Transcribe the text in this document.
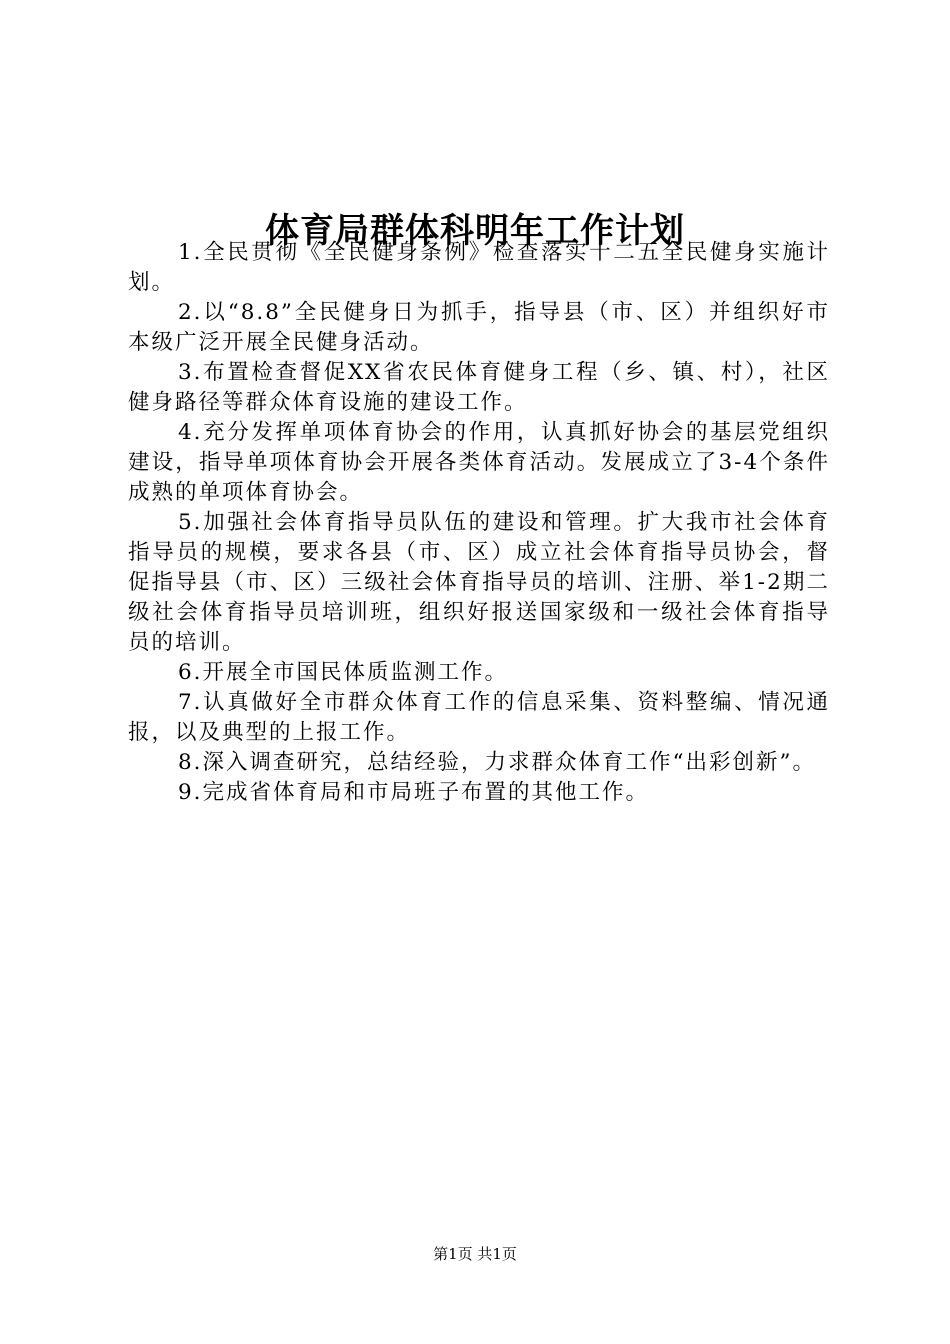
体育局群体科明年工作计划

1.全民贯彻《全民健身条例》检查落实十二五全民健身实施计划。

2.以“8.8”全民健身日为抓手，指导县（市、区）并组织好市本级广泛开展全民健身活动。

3.布置检查督促XX省农民体育健身工程（乡、镇、村），社区健身路径等群众体育设施的建设工作。

4.充分发挥单项体育协会的作用，认真抓好协会的基层党组织建设，指导单项体育协会开展各类体育活动。发展成立了3-4个条件成熟的单项体育协会。

5.加强社会体育指导员队伍的建设和管理。扩大我市社会体育指导员的规模，要求各县（市、区）成立社会体育指导员协会，督促指导县（市、区）三级社会体育指导员的培训、注册、举1-2期二级社会体育指导员培训班，组织好报送国家级和一级社会体育指导员的培训。

6.开展全市国民体质监测工作。

7.认真做好全市群众体育工作的信息采集、资料整编、情况通报，以及典型的上报工作。

8.深入调查研究，总结经验，力求群众体育工作“出彩创新”。

9.完成省体育局和市局班子布置的其他工作。

第1页 共1页
